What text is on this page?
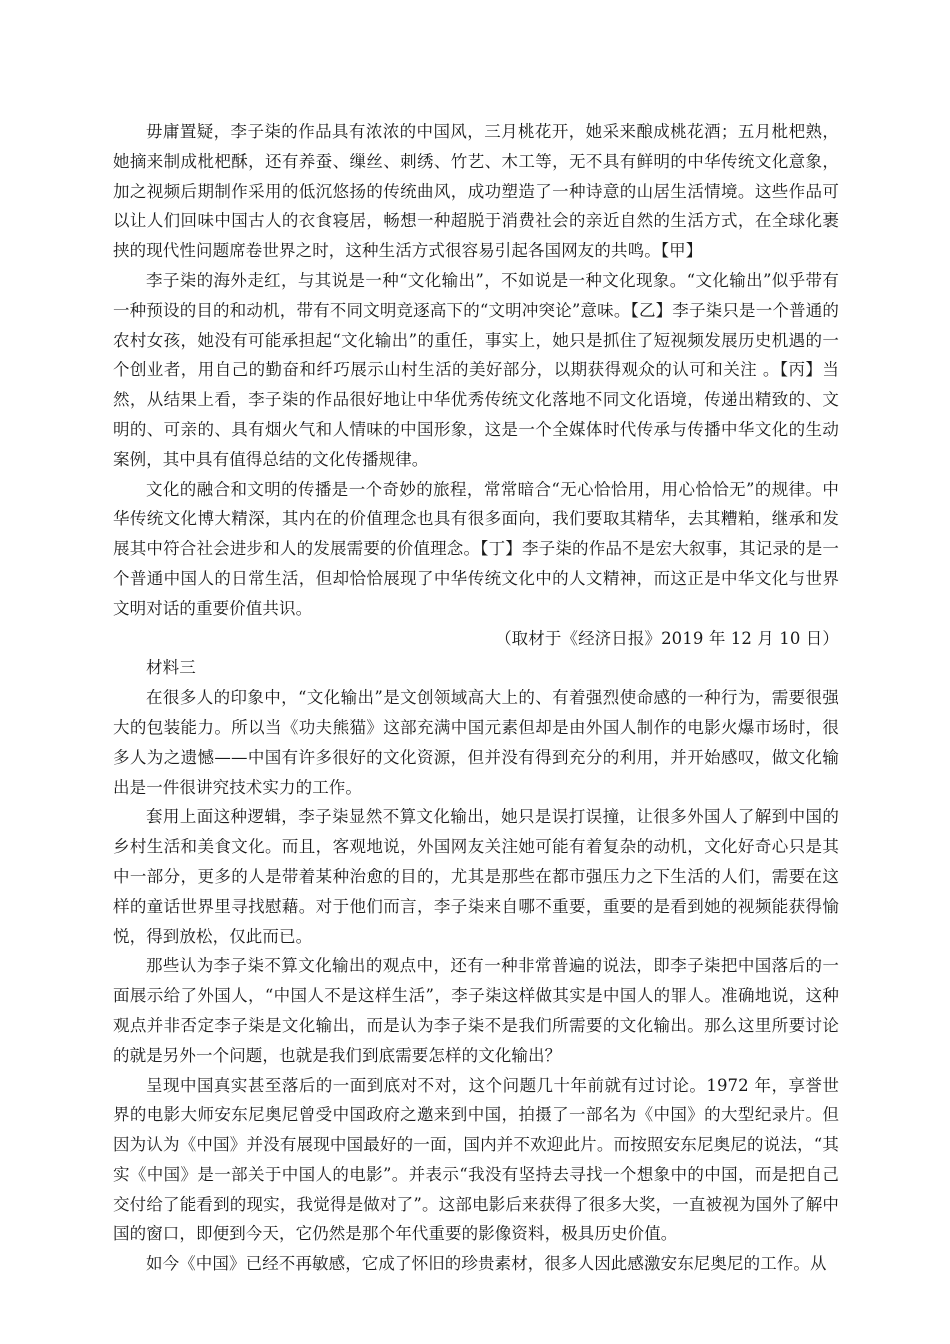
毋庸置疑，李子柒的作品具有浓浓的中国风，三月桃花开，她采来酿成桃花酒；五月枇杷熟，她摘来制成枇杷酥，还有养蚕、缫丝、刺绣、竹艺、木工等，无不具有鲜明的中华传统文化意象，加之视频后期制作采用的低沉悠扬的传统曲风，成功塑造了一种诗意的山居生活情境。这些作品可以让人们回味中国古人的衣食寝居，畅想一种超脱于消费社会的亲近自然的生活方式，在全球化裹挟的现代性问题席卷世界之时，这种生活方式很容易引起各国网友的共鸣。【甲】

李子柒的海外走红，与其说是一种“文化输出”，不如说是一种文化现象。“文化输出”似乎带有一种预设的目的和动机，带有不同文明竞逐高下的“文明冲突论”意味。【乙】李子柒只是一个普通的农村女孩，她没有可能承担起“文化输出”的重任，事实上，她只是抓住了短视频发展历史机遇的一个创业者，用自己的勤奋和纤巧展示山村生活的美好部分，以期获得观众的认可和关注 。【丙】当然，从结果上看，李子柒的作品很好地让中华优秀传统文化落地不同文化语境，传递出精致的、文明的、可亲的、具有烟火气和人情味的中国形象，这是一个全媒体时代传承与传播中华文化的生动案例，其中具有值得总结的文化传播规律。

文化的融合和文明的传播是一个奇妙的旅程，常常暗合“无心恰恰用，用心恰恰无”的规律。中华传统文化博大精深，其内在的价值理念也具有很多面向，我们要取其精华，去其糟粕，继承和发展其中符合社会进步和人的发展需要的价值理念。【丁】李子柒的作品不是宏大叙事，其记录的是一个普通中国人的日常生活，但却恰恰展现了中华传统文化中的人文精神，而这正是中华文化与世界文明对话的重要价值共识。

（取材于《经济日报》2019 年 12 月 10 日）

材料三

在很多人的印象中，“文化输出”是文创领域高大上的、有着强烈使命感的一种行为，需要很强大的包装能力。所以当《功夫熊猫》这部充满中国元素但却是由外国人制作的电影火爆市场时，很多人为之遗憾——中国有许多很好的文化资源，但并没有得到充分的利用，并开始感叹，做文化输出是一件很讲究技术实力的工作。

套用上面这种逻辑，李子柒显然不算文化输出，她只是误打误撞，让很多外国人了解到中国的乡村生活和美食文化。而且，客观地说，外国网友关注她可能有着复杂的动机，文化好奇心只是其中一部分，更多的人是带着某种治愈的目的，尤其是那些在都市强压力之下生活的人们，需要在这样的童话世界里寻找慰藉。对于他们而言，李子柒来自哪不重要，重要的是看到她的视频能获得愉悦，得到放松，仅此而已。

那些认为李子柒不算文化输出的观点中，还有一种非常普遍的说法，即李子柒把中国落后的一面展示给了外国人，“中国人不是这样生活”，李子柒这样做其实是中国人的罪人。准确地说，这种观点并非否定李子柒是文化输出，而是认为李子柒不是我们所需要的文化输出。那么这里所要讨论的就是另外一个问题，也就是我们到底需要怎样的文化输出？

呈现中国真实甚至落后的一面到底对不对，这个问题几十年前就有过讨论。1972 年，享誉世界的电影大师安东尼奥尼曾受中国政府之邀来到中国，拍摄了一部名为《中国》的大型纪录片。但因为认为《中国》并没有展现中国最好的一面，国内并不欢迎此片。而按照安东尼奥尼的说法，“其实《中国》是一部关于中国人的电影”。并表示“我没有坚持去寻找一个想象中的中国，而是把自己交付给了能看到的现实，我觉得是做对了”。这部电影后来获得了很多大奖，一直被视为国外了解中国的窗口，即便到今天，它仍然是那个年代重要的影像资料，极具历史价值。

如今《中国》已经不再敏感，它成了怀旧的珍贵素材，很多人因此感激安东尼奥尼的工作。从
